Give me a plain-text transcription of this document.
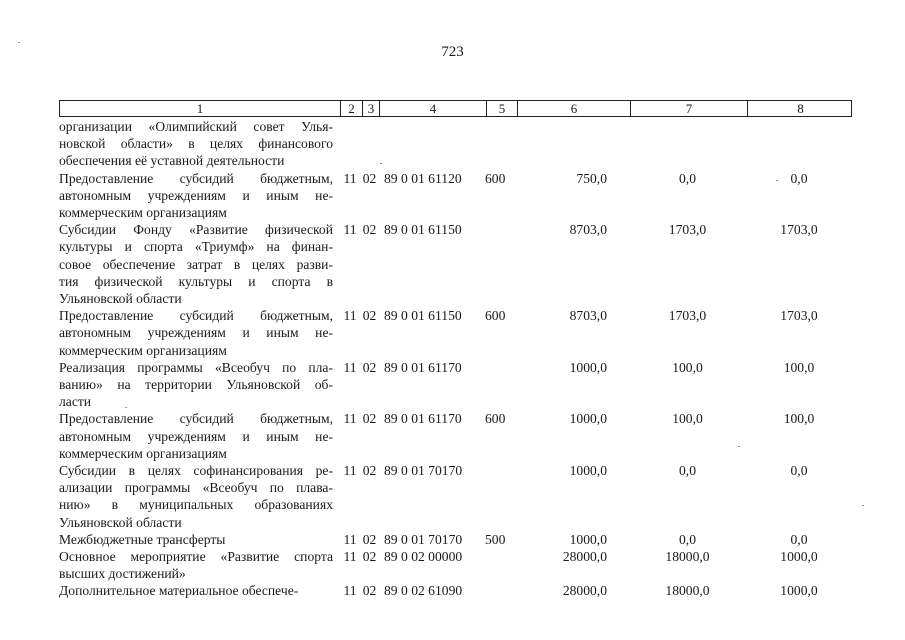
723
1	2	3	4	5	6	7	8
организации «Олимпийский совет Улья-
новской области» в целях финансового
обеспечения её уставной деятельности
Предоставление субсидий бюджетным,
автономным учреждениям и иным не-
коммерческим организациям
11 02 89 0 01 61120	600	750,0	0,0	0,0
Субсидии Фонду «Развитие физической
культуры и спорта «Триумф» на финан-
совое обеспечение затрат в целях разви-
тия физической культуры и спорта в
Ульяновской области
11 02 89 0 01 61150	8703,0	1703,0	1703,0
Предоставление субсидий бюджетным,
автономным учреждениям и иным не-
коммерческим организациям
11 02 89 0 01 61150	600	8703,0	1703,0	1703,0
Реализация программы «Всеобуч по пла-
ванию» на территории Ульяновской об-
ласти
11 02 89 0 01 61170	1000,0	100,0	100,0
Предоставление субсидий бюджетным,
автономным учреждениям и иным не-
коммерческим организациям
11 02 89 0 01 61170	600	1000,0	100,0	100,0
Субсидии в целях софинансирования ре-
ализации программы «Всеобуч по плава-
нию» в муниципальных образованиях
Ульяновской области
11 02 89 0 01 70170	1000,0	0,0	0,0
Межбюджетные трансферты	11 02 89 0 01 70170	500	1000,0	0,0	0,0
Основное мероприятие «Развитие спорта
высших достижений»
11 02 89 0 02 00000	28000,0	18000,0	1000,0
Дополнительное материальное обеспече-	11 02 89 0 02 61090	28000,0	18000,0	1000,0
